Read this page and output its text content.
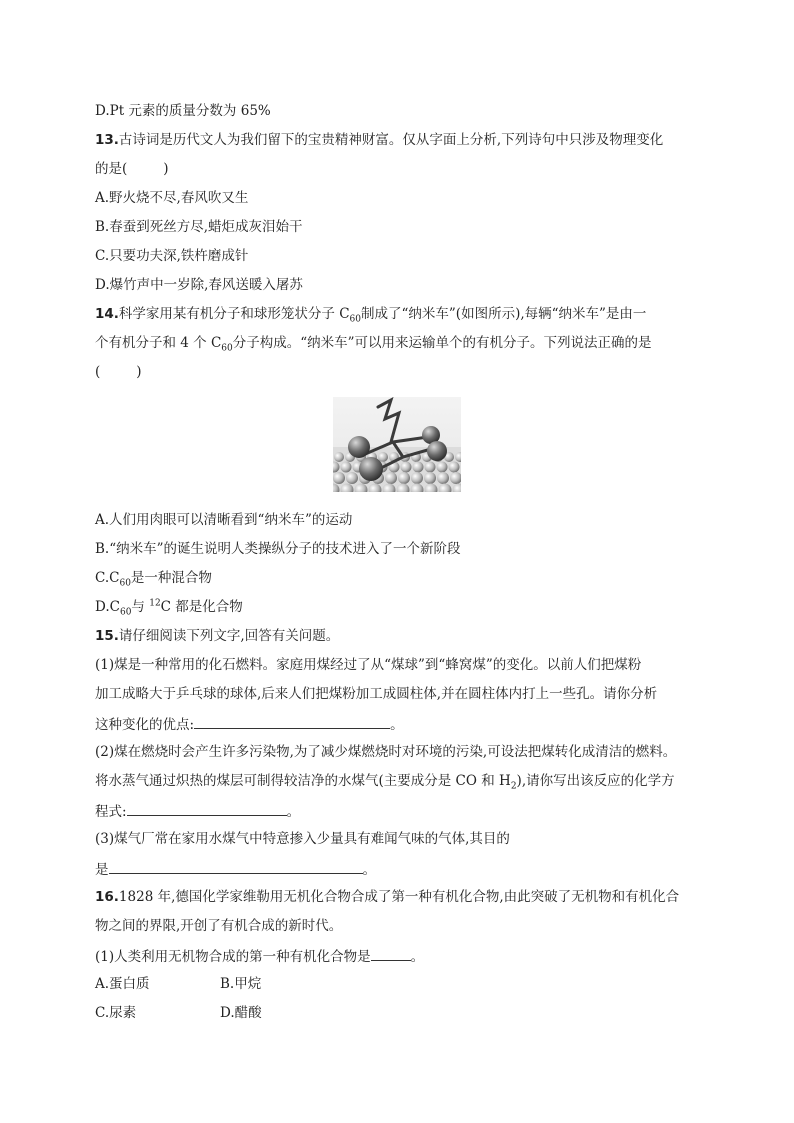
D.Pt 元素的质量分数为 65%
13.古诗词是历代文人为我们留下的宝贵精神财富。仅从字面上分析,下列诗句中只涉及物理变化
的是(	)
A.野火烧不尽,春风吹又生
B.春蚕到死丝方尽,蜡炬成灰泪始干
C.只要功夫深,铁杵磨成针
D.爆竹声中一岁除,春风送暖入屠苏
14.科学家用某有机分子和球形笼状分子 $C_{60}$制成了“纳米车”(如图所示),每辆“纳米车”是由一
个有机分子和 4 个 $C_{60}$分子构成。“纳米车”可以用来运输单个的有机分子。下列说法正确的是
(	)
A.人们用肉眼可以清晰看到“纳米车”的运动
B.“纳米车”的诞生说明人类操纵分子的技术进入了一个新阶段
$C.C_{60}$是一种混合物
$D.C_{60}$与 $^{12}$C 都是化合物
15.请仔细阅读下列文字,回答有关问题。
(1)煤是一种常用的化石燃料。家庭用煤经过了从“煤球”到“蜂窝煤”的变化。以前人们把煤粉
加工成略大于乒乓球的球体,后来人们把煤粉加工成圆柱体,并在圆柱体内打上一些孔。请你分析
这种变化的优点:	。
(2)煤在燃烧时会产生许多污染物,为了减少煤燃烧时对环境的污染,可设法把煤转化成清洁的燃料。
将水蒸气通过炽热的煤层可制得较洁净的水煤气(主要成分是 CO 和 $H_2$),请你写出该反应的化学方
程式:	。
(3)煤气厂常在家用水煤气中特意掺入少量具有难闻气味的气体,其目的
是	。
16.1828 年,德国化学家维勒用无机化合物合成了第一种有机化合物,由此突破了无机物和有机化合
物之间的界限,开创了有机合成的新时代。
(1)人类利用无机物合成的第一种有机化合物是	。
A.蛋白质	B.甲烷
C.尿素	D.醋酸
